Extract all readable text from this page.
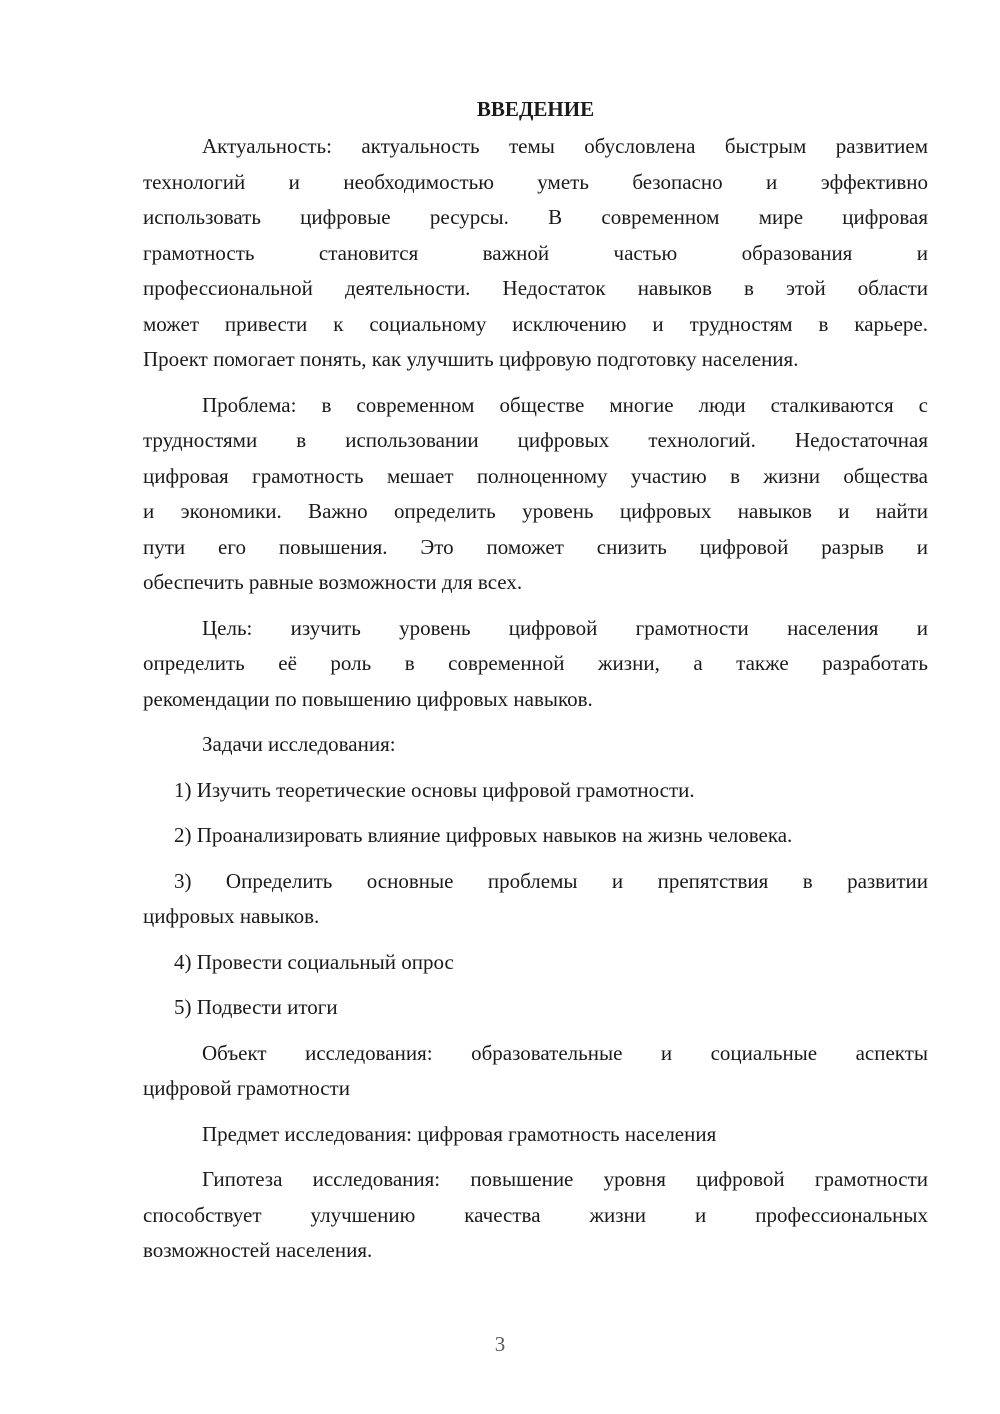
ВВЕДЕНИЕ
Актуальность: актуальность темы обусловлена быстрым развитием
технологий и необходимостью уметь безопасно и эффективно
использовать цифровые ресурсы. В современном мире цифровая
грамотность становится важной частью образования и
профессиональной деятельности. Недостаток навыков в этой области
может привести к социальному исключению и трудностям в карьере.
Проект помогает понять, как улучшить цифровую подготовку населения.
Проблема: в современном обществе многие люди сталкиваются с
трудностями в использовании цифровых технологий. Недостаточная
цифровая грамотность мешает полноценному участию в жизни общества
и экономики. Важно определить уровень цифровых навыков и найти
пути его повышения. Это поможет снизить цифровой разрыв и
обеспечить равные возможности для всех.
Цель: изучить уровень цифровой грамотности населения и
определить её роль в современной жизни, а также разработать
рекомендации по повышению цифровых навыков.
Задачи исследования:
1) Изучить теоретические основы цифровой грамотности.
2) Проанализировать влияние цифровых навыков на жизнь человека.
3) Определить основные проблемы и препятствия в развитии
цифровых навыков.
4) Провести социальный опрос
5) Подвести итоги
Объект исследования: образовательные и социальные аспекты
цифровой грамотности
Предмет исследования: цифровая грамотность населения
Гипотеза исследования: повышение уровня цифровой грамотности
способствует улучшению качества жизни и профессиональных
возможностей населения.
3
